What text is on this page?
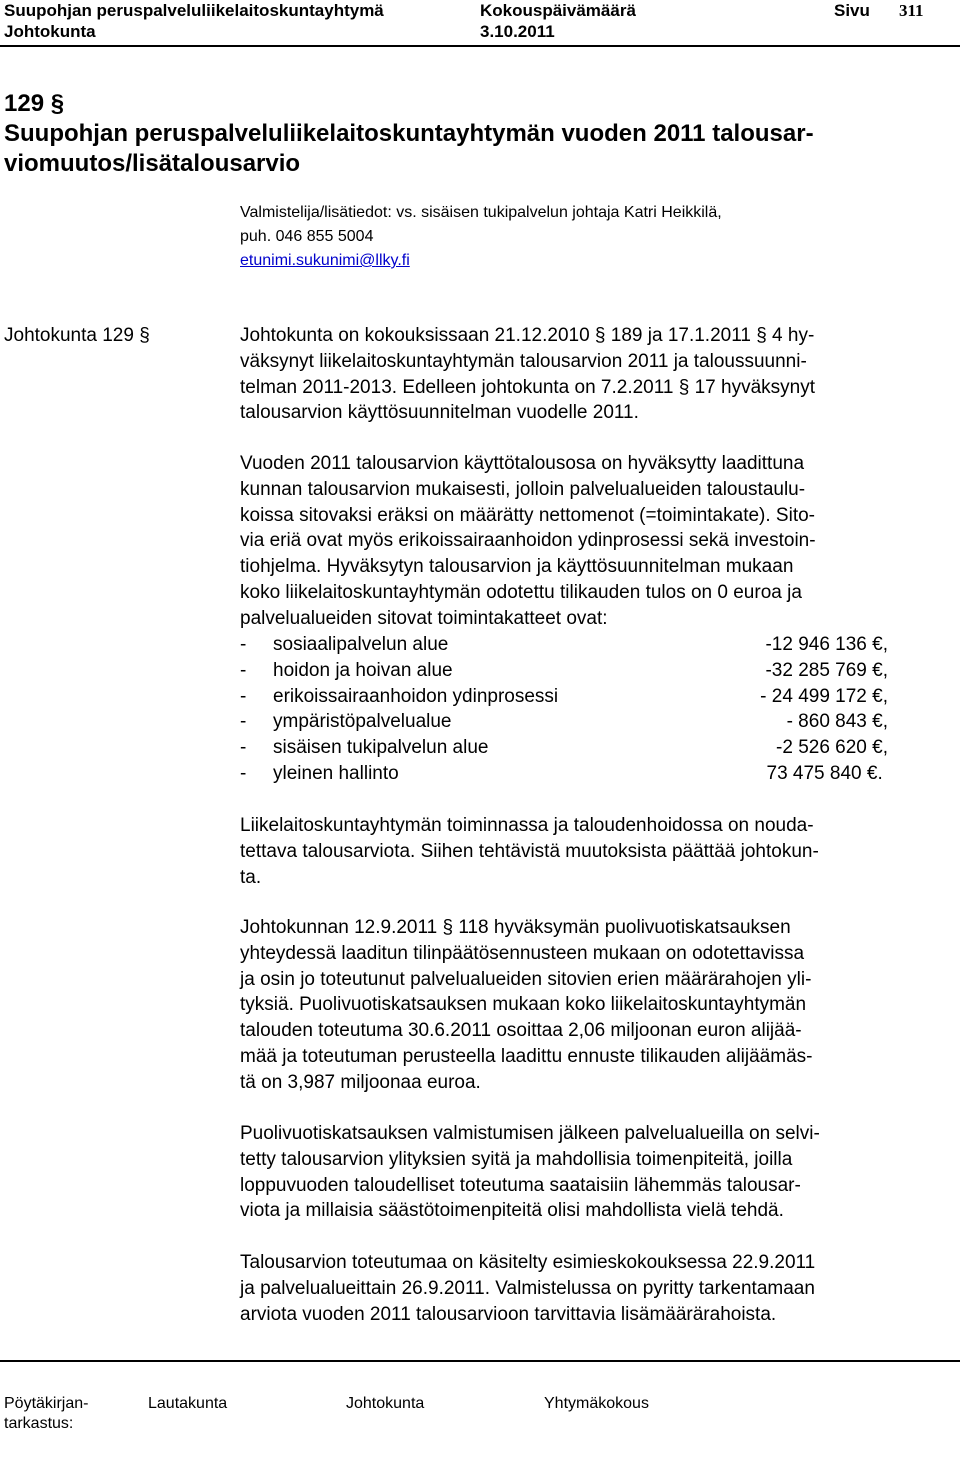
Suupohjan peruspalveluliikelaitoskuntayhtymä	Kokouspäivämäärä	Sivu 311
Johtokunta	3.10.2011
129 §
Suupohjan peruspalveluliikelaitoskuntayhtymän vuoden 2011 talousar-
viomuutos/lisätalousarvio
Valmistelija/lisätiedot: vs. sisäisen tukipalvelun johtaja Katri Heikkilä,
puh. 046 855 5004
etunimi.sukunimi@llky.fi
Johtokunta 129 §	Johtokunta on kokouksissaan 21.12.2010 § 189 ja 17.1.2011 § 4 hy-
väksynyt liikelaitoskuntayhtymän talousarvion 2011 ja taloussuunni-
telman 2011-2013. Edelleen johtokunta on 7.2.2011 § 17 hyväksynyt
talousarvion käyttösuunnitelman vuodelle 2011.
Vuoden 2011 talousarvion käyttötalousosa on hyväksytty laadittuna
kunnan talousarvion mukaisesti, jolloin palvelualueiden taloustaulu-
koissa sitovaksi eräksi on määrätty nettomenot (=toimintakate). Sito-
via eriä ovat myös erikoissairaanhoidon ydinprosessi sekä investoin-
tiohjelma. Hyväksytyn talousarvion ja käyttösuunnitelman mukaan
koko liikelaitoskuntayhtymän odotettu tilikauden tulos on 0 euroa ja
palvelualueiden sitovat toimintakatteet ovat:
- sosiaalipalvelun alue	-12 946 136 €,
- hoidon ja hoivan alue	-32 285 769 €,
- erikoissairaanhoidon ydinprosessi	- 24 499 172 €,
- ympäristöpalvelualue	- 860 843 €,
- sisäisen tukipalvelun alue	-2 526 620 €,
- yleinen hallinto	73 475 840 €.
Liikelaitoskuntayhtymän toiminnassa ja taloudenhoidossa on nouda-
tettava talousarviota. Siihen tehtävistä muutoksista päättää johtokun-
ta.
Johtokunnan 12.9.2011 § 118 hyväksymän puolivuotiskatsauksen
yhteydessä laaditun tilinpäätösennusteen mukaan on odotettavissa
ja osin jo toteutunut palvelualueiden sitovien erien määrärahojen yli-
tyksiä. Puolivuotiskatsauksen mukaan koko liikelaitoskuntayhtymän
talouden toteutuma 30.6.2011 osoittaa 2,06 miljoonan euron alijää-
mää ja toteutuman perusteella laadittu ennuste tilikauden alijäämäs-
tä on 3,987 miljoonaa euroa.
Puolivuotiskatsauksen valmistumisen jälkeen palvelualueilla on selvi-
tetty talousarvion ylityksien syitä ja mahdollisia toimenpiteitä, joilla
loppuvuoden taloudelliset toteutuma saataisiin lähemmäs talousar-
viota ja millaisia säästötoimenpiteitä olisi mahdollista vielä tehdä.
Talousarvion toteutumaa on käsitelty esimieskokouksessa 22.9.2011
ja palvelualueittain 26.9.2011. Valmistelussa on pyritty tarkentamaan
arviota vuoden 2011 talousarvioon tarvittavia lisämäärärahoista.
Pöytäkirjan-
tarkastus:
Lautakunta	Johtokunta	Yhtymäkokous
